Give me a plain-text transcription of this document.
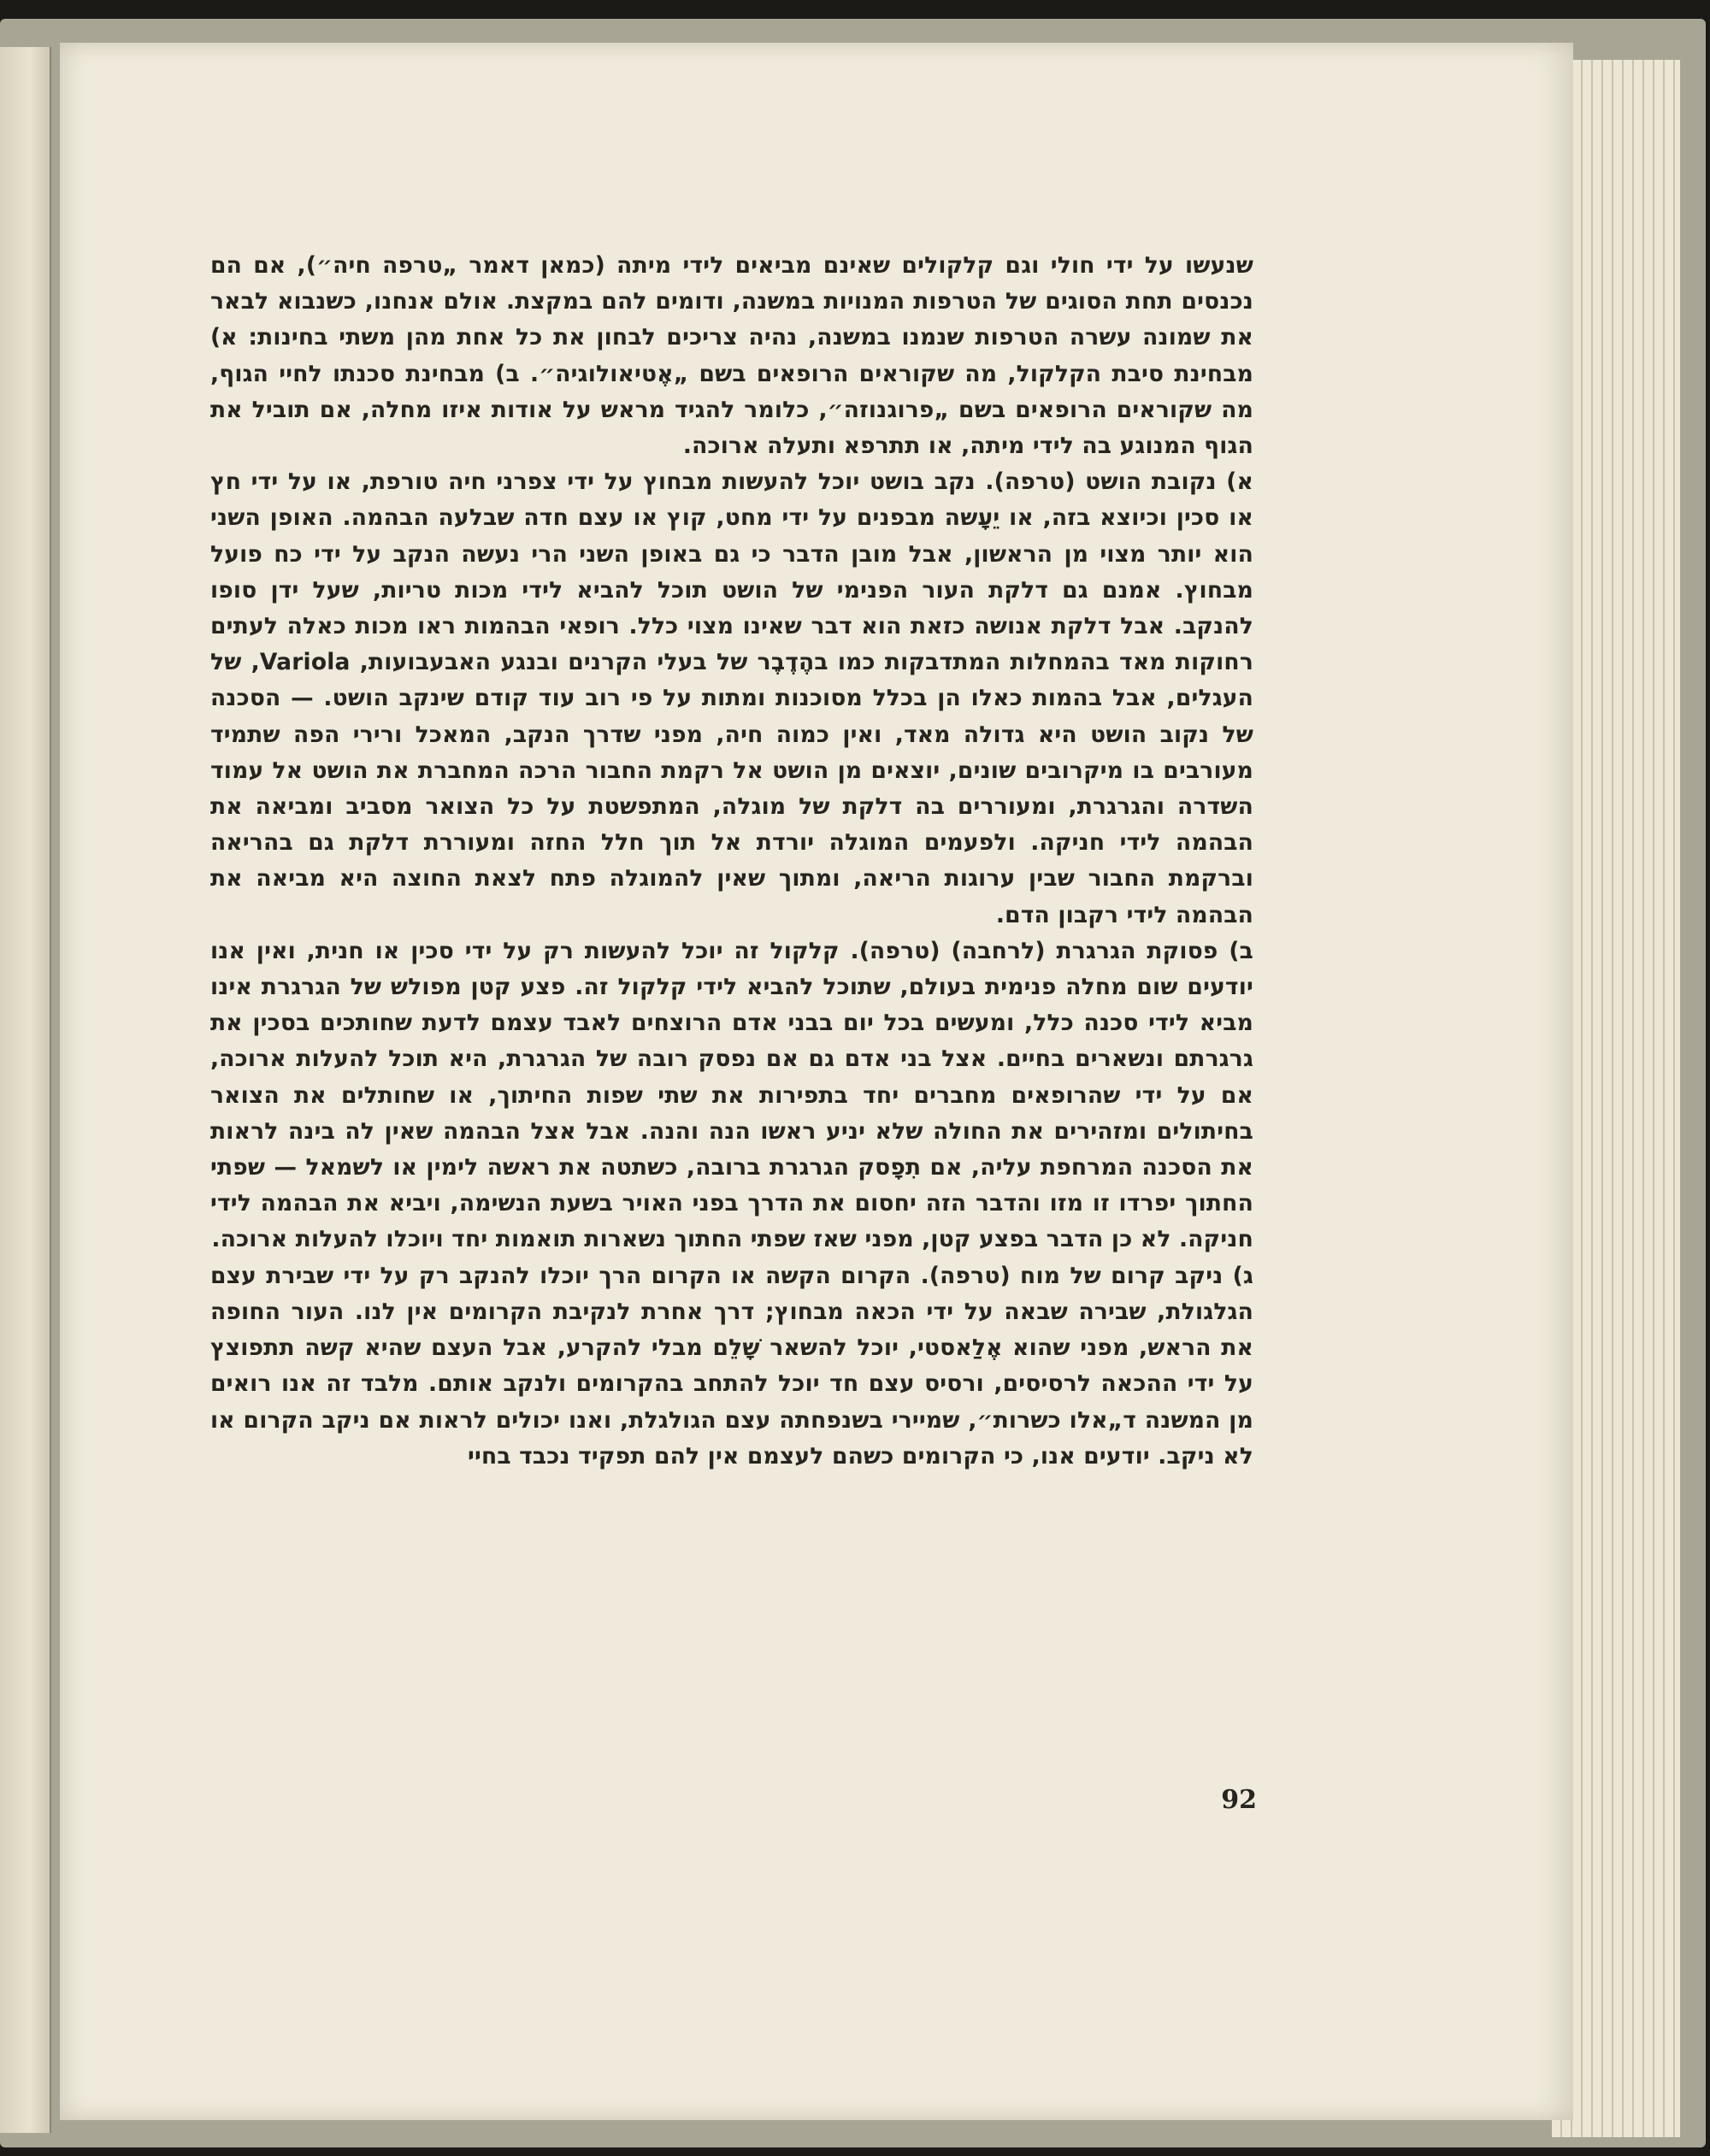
שנעשו על ידי חולי וגם קלקולים שאינם מביאים לידי מיתה (כמאן דאמר „טרפה חיה״), אם הם נכנסים תחת הסוגים של הטרפות המנויות במשנה, ודומים להם במקצת. אולם אנחנו, כשנבוא לבאר את שמונה עשרה הטרפות שנמנו במשנה, נהיה צריכים לבחון את כל אחת מהן משתי בחינות: א) מבחינת סיבת הקלקול, מה שקוראים הרופאים בשם „אֶטיאולוגיה״. ב) מבחינת סכנתו לחיי הגוף, מה שקוראים הרופאים בשם „פרוגנוזה״, כלומר להגיד מראש על אודות איזו מחלה, אם תוביל את הגוף המנוגע בה לידי מיתה, או תתרפא ותעלה ארוכה.

א) נקובת הושט (טרפה). נקב בושט יוכל להעשות מבחוץ על ידי צפרני חיה טורפת, או על ידי חץ או סכין וכיוצא בזה, או יֵעָשה מבפנים על ידי מחט, קוץ או עצם חדה שבלעה הבהמה. האופן השני הוא יותר מצוי מן הראשון, אבל מובן הדבר כי גם באופן השני הרי נעשה הנקב על ידי כח פועל מבחוץ. אמנם גם דלקת העור הפנימי של הושט תוכל להביא לידי מכות טריות, שעל ידן סופו להנקב. אבל דלקת אנושה כזאת הוא דבר שאינו מצוי כלל. רופאי הבהמות ראו מכות כאלה לעתים רחוקות מאד בהמחלות המתדבקות כמו בהֶדֶבֶר של בעלי הקרנים ובנגע האבעבועות, Variola, של העגלים, אבל בהמות כאלו הן בכלל מסוכנות ומתות על פי רוב עוד קודם שינקב הושט. — הסכנה של נקוב הושט היא גדולה מאד, ואין כמוה חיה, מפני שדרך הנקב, המאכל ורירי הפה שתמיד מעורבים בו מיקרובים שונים, יוצאים מן הושט אל רקמת החבור הרכה המחברת את הושט אל עמוד השדרה והגרגרת, ומעוררים בה דלקת של מוגלה, המתפשטת על כל הצואר מסביב ומביאה את הבהמה לידי חניקה. ולפעמים המוגלה יורדת אל תוך חלל החזה ומעוררת דלקת גם בהריאה וברקמת החבור שבין ערוגות הריאה, ומתוך שאין להמוגלה פתח לצאת החוצה היא מביאה את הבהמה לידי רקבון הדם.

ב) פסוקת הגרגרת (לרחבה) (טרפה). קלקול זה יוכל להעשות רק על ידי סכין או חנית, ואין אנו יודעים שום מחלה פנימית בעולם, שתוכל להביא לידי קלקול זה. פצע קטן מפולש של הגרגרת אינו מביא לידי סכנה כלל, ומעשים בכל יום בבני אדם הרוצחים לאבד עצמם לדעת שחותכים בסכין את גרגרתם ונשארים בחיים. אצל בני אדם גם אם נפסק רובה של הגרגרת, היא תוכל להעלות ארוכה, אם על ידי שהרופאים מחברים יחד בתפירות את שתי שפות החיתוך, או שחותלים את הצואר בחיתולים ומזהירים את החולה שלא יניע ראשו הנה והנה. אבל אצל הבהמה שאין לה בינה לראות את הסכנה המרחפת עליה, אם תִפָסק הגרגרת ברובה, כשתטה את ראשה לימין או לשמאל — שפתי החתוך יפרדו זו מזו והדבר הזה יחסום את הדרך בפני האויר בשעת הנשימה, ויביא את הבהמה לידי חניקה. לא כן הדבר בפצע קטן, מפני שאז שפתי החתוך נשארות תואמות יחד ויוכלו להעלות ארוכה.

ג) ניקב קרום של מוח (טרפה). הקרום הקשה או הקרום הרך יוכלו להנקב רק על ידי שבירת עצם הגלגולת, שבירה שבאה על ידי הכאה מבחוץ; דרך אחרת לנקיבת הקרומים אין לנו. העור החופה את הראש, מפני שהוא אֶלַאסטי, יוכל להשאר שָׁלֵם מבלי להקרע, אבל העצם שהיא קשה תתפוצץ על ידי ההכאה לרסיסים, ורסיס עצם חד יוכל להתחב בהקרומים ולנקב אותם. מלבד זה אנו רואים מן המשנה ד„אלו כשרות״, שמיירי בשנפחתה עצם הגולגלת, ואנו יכולים לראות אם ניקב הקרום או לא ניקב. יודעים אנו, כי הקרומים כשהם לעצמם אין להם תפקיד נכבד בחיי

92
